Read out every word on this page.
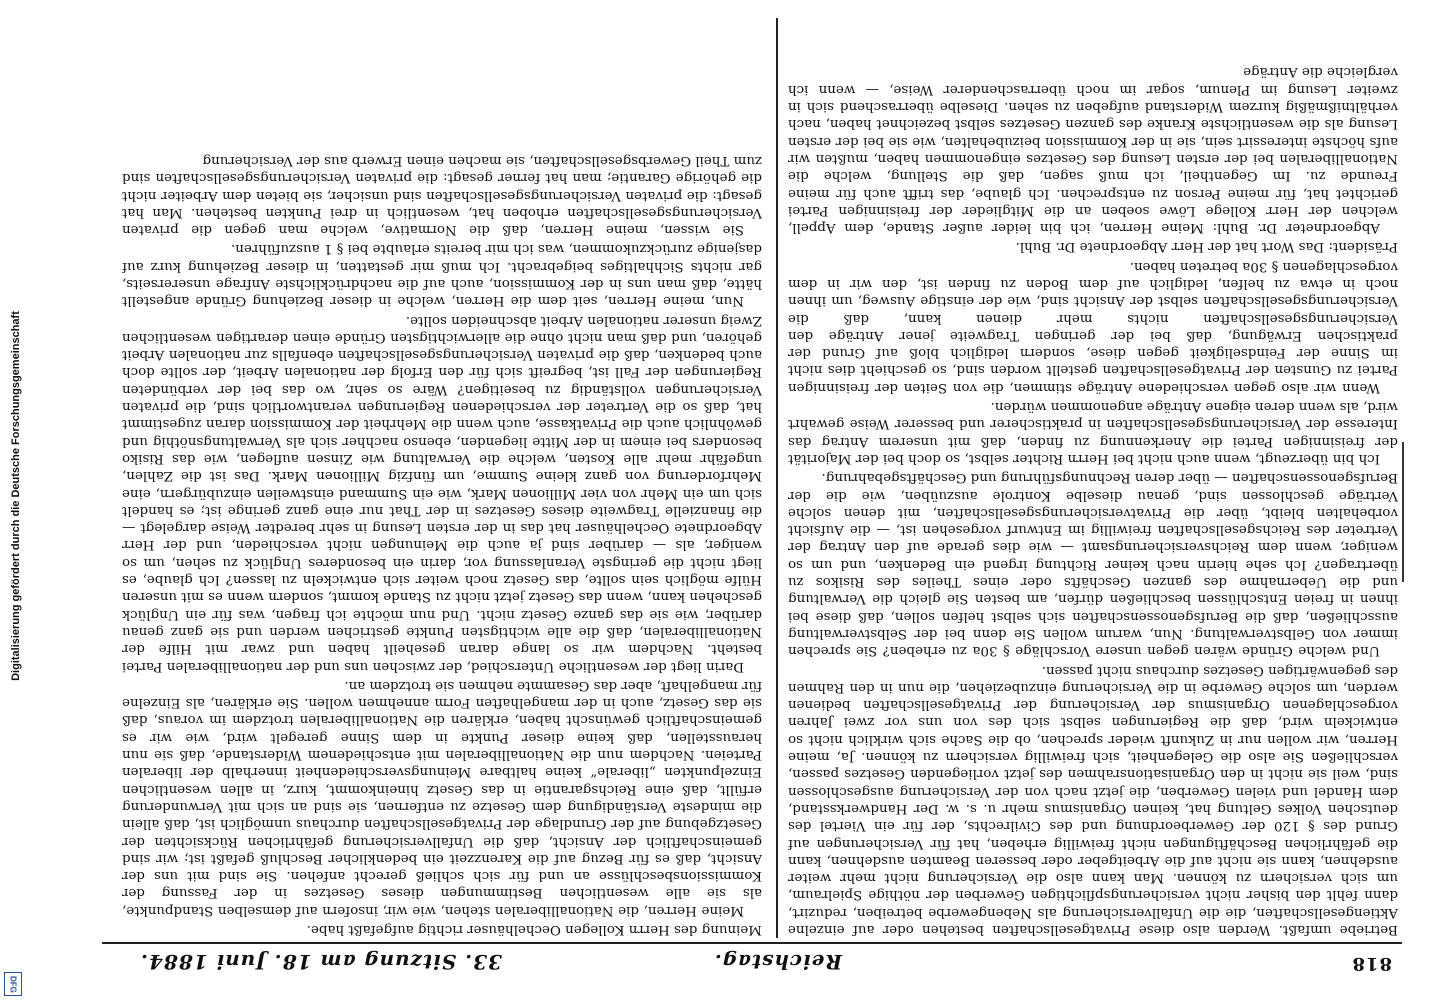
Digitalisierung gefördert durch die Deutsche Forschungsgemeinschaft
DFG
818
Reichstag.
33. Sitzung am 18. Juni 1884.

Betriebe umfaßt. Werden also diese Privatgesellschaften bestehen oder auf einzelne Aktiengesellschaften, die die Unfallversicherung als Nebengewerbe betreiben, reduzirt, dann fehlt den bisher nicht versicherungspflichtigen Gewerben der nöthige Spielraum, um sich versichern zu können. Man kann also die Versicherung nicht mehr weiter ausdehnen, kann sie nicht auf die Arbeitgeber oder besseren Beamten ausdehnen, kann die gefährlichen Beschäftigungen nicht freiwillig erheben, hat für Versicherungen auf Grund des § 120 der Gewerbeordnung und des Civilrechts, der für ein Viertel des deutschen Volkes Geltung hat, keinen Organismus mehr u. s. w. Der Handwerksstand, dem Handel und vielen Gewerben, die jetzt nach von der Versicherung ausgeschlossen sind, weil sie nicht in den Organisationsrahmen des jetzt vorliegenden Gesetzes passen, verschließen Sie also die Gelegenheit, sich freiwillig versichern zu können. Ja, meine Herren, wir wollen nur in Zukunft wieder sprechen, ob die Sache sich wirklich nicht so entwickeln wird, daß die Regierungen selbst sich des von uns vor zwei Jahren vorgeschlagenen Organismus der Versicherung der Privatgesellschaften bedienen werden, um solche Gewerbe in die Versicherung einzubeziehen, die nun in den Rahmen des gegenwärtigen Gesetzes durchaus nicht passen.

Und welche Gründe wären gegen unsere Vorschläge § 30a zu erheben? Sie sprechen immer von Gelbstverwaltung. Nun, warum wollen Sie denn bei der Selbstverwaltung ausschließen, daß die Berufsgenossenschaften sich selbst helfen sollen, daß diese bei ihnen in freien Entschlüssen beschließen dürfen, am besten Sie gleich die Verwaltung und die Uebernahme des ganzen Geschäfts oder eines Theiles des Risikos zu übertragen? Ich sehe hierin nach keiner Richtung irgend ein Bedenken, und um so weniger, wenn dem Reichsversicherungsamt — wie dies gerade auf den Antrag der Vertreter des Reichsgesellschaften freiwillig im Entwurf vorgesehen ist, — die Aufsicht vorbehalten bleibt, über die Privatversicherungsgesellschaften, mit denen solche Verträge geschlossen sind, genau dieselbe Kontrole auszuüben, wie die der Berufsgenossenschaften — über deren Rechnungsführung und Geschäftsgebahrung.

Ich bin überzeugt, wenn auch nicht bei Herrn Richter selbst, so doch bei der Majorität der freisinnigen Partei die Anerkennung zu finden, daß mit unserem Antrag das Interesse der Versicherungsgesellschaften in praktischerer und besserer Weise gewahrt wird, als wenn deren eigene Anträge angenommen würden.

Wenn wir also gegen verschiedene Anträge stimmen, die von Seiten der freisinnigen Partei zu Gunsten der Privatgesellschaften gestellt worden sind, so geschieht dies nicht im Sinne der Feindseligkeit gegen diese, sondern lediglich bloß auf Grund der praktischen Erwägung, daß bei der geringen Tragweite jener Anträge den Versicherungsgesellschaften nichts mehr dienen kann, daß die Versicherungsgesellschaften selbst der Ansicht sind, wie der einstige Ausweg, um ihnen noch in etwa zu helfen, lediglich auf dem Boden zu finden ist, den wir in dem vorgeschlagenen § 30a betreten haben.

Präsident: Das Wort hat der Herr Abgeordnete Dr. Buhl.

Abgeordneter Dr. Buhl: Meine Herren, ich bin leider außer Stande, dem Appell, welchen der Herr Kollege Löwe soeben an die Mitglieder der freisinnigen Partei gerichtet hat, für meine Person zu entsprechen. Ich glaube, das trifft auch für meine Freunde zu. Im Gegentheil, ich muß sagen, daß die Stellung, welche die Nationalliberalen bei der ersten Lesung des Gesetzes eingenommen haben, mußten wir aufs höchste interessirt sein, sie in der Kommission beizubehalten, wie sie bei der ersten Lesung als die wesentlichste Kranke des ganzen Gesetzes selbst bezeichnet haben, nach verhältnißmäßig kurzem Widerstand aufgeben zu sehen. Dieselbe überraschend sich in zweiter Lesung im Plenum, sogar im noch überraschenderer Weise, — wenn ich vergleiche die Anträge

Meinung des Herrn Kollegen Oechelhäuser richtig aufgefaßt habe.

Meine Herren, die Nationalliberalen stehen, wie wir, insofern auf demselben Standpunkte, als sie alle wesentlichen Bestimmungen dieses Gesetzes in der Fassung der Kommissionsbeschlüsse an und für sich schließ gerecht anfehen. Sie sind mit uns der Ansicht, daß es für Bezug auf die Karenzzeit ein bedenklicher Beschluß gefaßt ist; wir sind gemeinschaftlich der Ansicht, daß die Unfallversicherung gefährlichen Rücksichten der Gesetzgebung auf der Grundlage der Privatgesellschaften durchaus unmöglich ist, daß allein die mindeste Verständigung dem Gesetze zu entfernen, sie sind an sich mit Verwunderung erfüllt, daß eine Reichsgarantie in das Gesetz hineinkommt, kurz, in allen wesentlichen Einzelpunkten „liberale“ keine haltbare Meinungsverschiedenheit innerhalb der liberalen Parteien. Nachdem nun die Nationalliberalen mit entschiedenem Widerstande, daß sie nun herausstellen, daß keine dieser Punkte in dem Sinne geregelt wird, wie wir es gemeinschaftlich gewünscht haben, erklären die Nationalliberalen trotzdem im voraus, daß sie das Gesetz, auch in der mangelhaften Form annehmen wollen. Sie erklären, als Einzelne für mangelhaft, aber das Gesammte nehmen sie trotzdem an.

Darin liegt der wesentliche Unterschied, der zwischen uns und der nationalliberalen Partei besteht. Nachdem wir so lange daran geseheilt haben und zwar mit Hilfe der Nationalliberalen, daß die alle wichtigsten Punkte gestrichen werden und sie ganz genau darüber, wie sie das ganze Gesetz nicht. Und nun möchte ich fragen, was für ein Unglück geschehen kann, wenn das Gesetz jetzt nicht zu Stande kommt, sondern wenn es mit unseren Hülfe möglich sein sollte, das Gesetz noch weiter sich entwickeln zu lassen? Ich glaube, es liegt nicht die geringste Veranlassung vor, darin ein besonderes Unglück zu sehen, um so weniger, als — darüber sind ja auch die Meinungen nicht verschieden, und der Herr Abgeordnete Oechelhäuser hat das in der ersten Lesung in sehr beredter Weise dargelegt — die finanzielle Tragweite dieses Gesetzes in der That nur eine ganz geringe ist; es handelt sich um ein Mehr von vier Millionen Mark, wie ein Summand einstweilen einzubürgern, eine Mehrforderung von ganz kleine Summe, um fünfzig Millionen Mark. Das ist die Zahlen, ungefähr mehr alle Kosten, welche die Verwaltung wie Zinsen auflegen, wie das Risiko besonders bei einem in der Mitte liegenden, ebenso nachher sich als Verwaltungsnöthig und gewöhnlich auch die Privatkasse, auch wenn die Mehrheit der Kommission daran zugestimmt hat, daß so die Vertreter der verschiedenen Regierungen verantwortlich sind, die privaten Versicherungen vollständig zu beseitigen? Wäre so sehr, wo das bei der verbündeten Regierungen der Fall ist, begreift sich für den Erfolg der nationalen Arbeit, der sollte doch auch bedenken, daß die privaten Versicherungsgesellschaften ebenfalls zur nationalen Arbeit gehören, und daß man nicht ohne die allerwichtigsten Gründe einen derartigen wesentlichen Zweig unserer nationalen Arbeit abschneiden sollte.

Nun, meine Herren, seit dem die Herren, welche in dieser Beziehung Gründe angestellt hätte, daß man uns in der Kommission, auch auf die nachdrücklichste Anfrage unsererseits, gar nichts Sichhaltiges beigebracht. Ich muß mir gestatten, in dieser Beziehung kurz auf dasjenige zurückzukommen, was ich mir bereits erlaubte bei § 1 auszuführen.

Sie wissen, meine Herren, daß die Normative, welche man gegen die privaten Versicherungsgesellschaften erhoben hat, wesentlich in drei Punkten bestehen. Man hat gesagt: die privaten Versicherungsgesellschaften sind unsicher, sie bieten dem Arbeiter nicht die gehörige Garantie; man hat ferner gesagt: die privaten Versicherungsgesellschaften sind zum Theil Gewerbsgesellschaften, sie machen einen Erwerb aus der Versicherung
